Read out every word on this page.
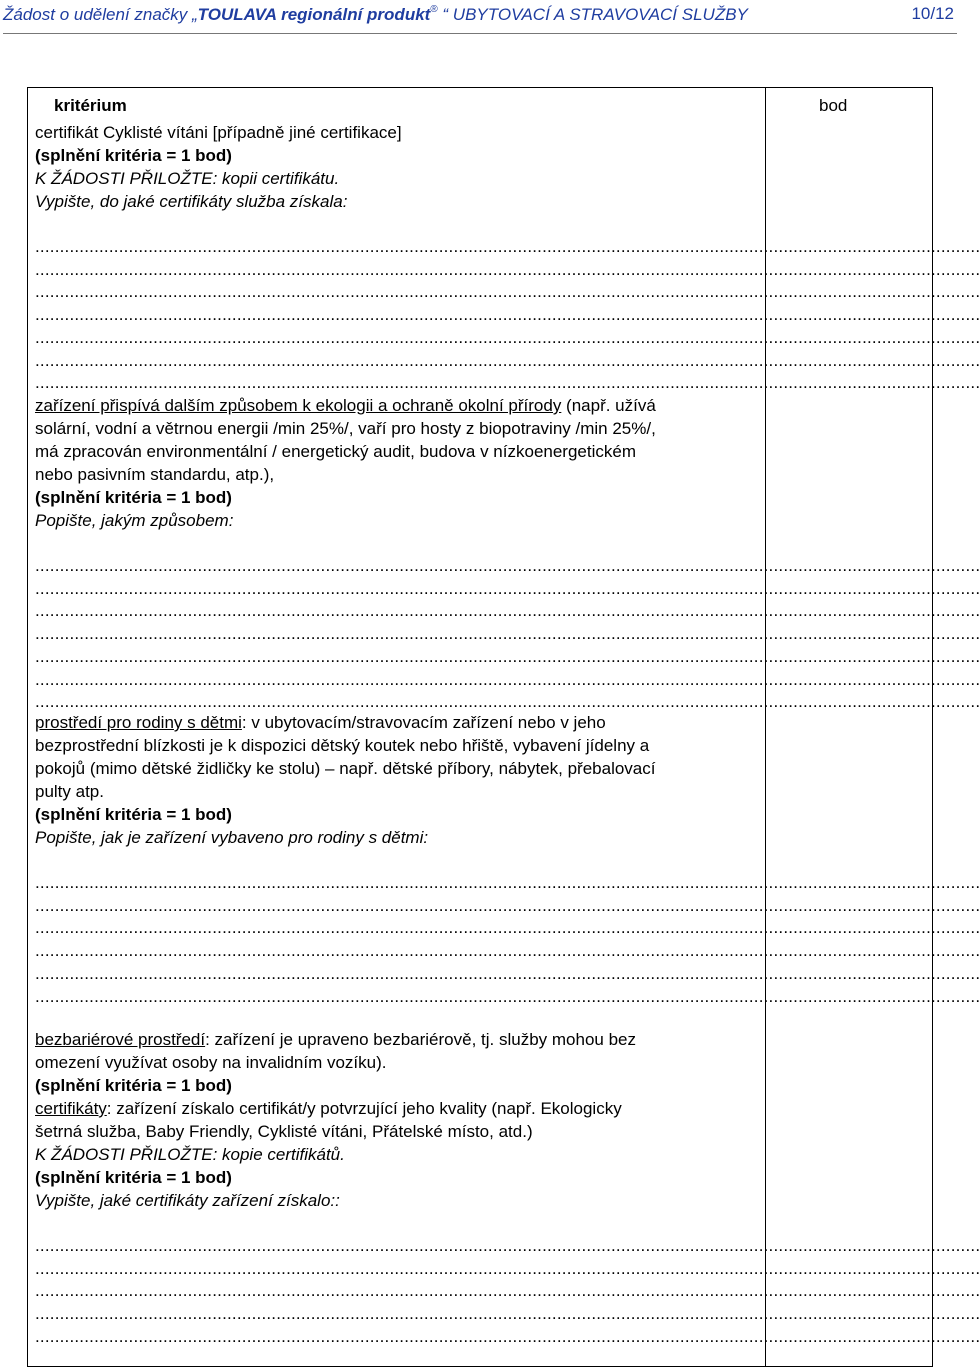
Žádost o udělení značky „TOULAVA regionální produkt® “ UBYTOVACÍ A STRAVOVACÍ SLUŽBY	10/12
kritérium	bod
certifikát Cyklisté vítáni [případně jiné certifikace]
(splnění kritéria = 1 bod)
K ŽÁDOSTI PŘILOŽTE: kopii certifikátu.
Vypište, do jaké certifikáty služba získala:
................................................................................................................................................................................................
................................................................................................................................................................................................
................................................................................................................................................................................................
................................................................................................................................................................................................
................................................................................................................................................................................................
................................................................................................................................................................................................
................................................................................................................................................................................................
zařízení přispívá dalším způsobem k ekologii a ochraně okolní přírody (např. užívá
solární, vodní a větrnou energii /min 25%/, vaří pro hosty z biopotraviny /min 25%/,
má zpracován environmentální / energetický audit, budova v nízkoenergetickém
nebo pasivním standardu, atp.),
(splnění kritéria = 1 bod)
Popište, jakým způsobem:
................................................................................................................................................................................................
................................................................................................................................................................................................
................................................................................................................................................................................................
................................................................................................................................................................................................
................................................................................................................................................................................................
................................................................................................................................................................................................
................................................................................................................................................................................................
prostředí pro rodiny s dětmi: v ubytovacím/stravovacím zařízení nebo v jeho
bezprostřední blízkosti je k dispozici dětský koutek nebo hřiště, vybavení jídelny a
pokojů (mimo dětské židličky ke stolu) – např. dětské příbory, nábytek, přebalovací
pulty atp.
(splnění kritéria = 1 bod)
Popište, jak je zařízení vybaveno pro rodiny s dětmi:
................................................................................................................................................................................................
................................................................................................................................................................................................
................................................................................................................................................................................................
................................................................................................................................................................................................
................................................................................................................................................................................................
................................................................................................................................................................................................
bezbariérové prostředí: zařízení je upraveno bezbariérově, tj. služby mohou bez
omezení využívat osoby na invalidním vozíku).
(splnění kritéria = 1 bod)
certifikáty: zařízení získalo certifikát/y potvrzující jeho kvality (např. Ekologicky
šetrná služba, Baby Friendly, Cyklisté vítáni, Přátelské místo, atd.)
K ŽÁDOSTI PŘILOŽTE: kopie certifikátů.
(splnění kritéria = 1 bod)
Vypište, jaké certifikáty zařízení získalo::
................................................................................................................................................................................................
................................................................................................................................................................................................
................................................................................................................................................................................................
................................................................................................................................................................................................
................................................................................................................................................................................................
